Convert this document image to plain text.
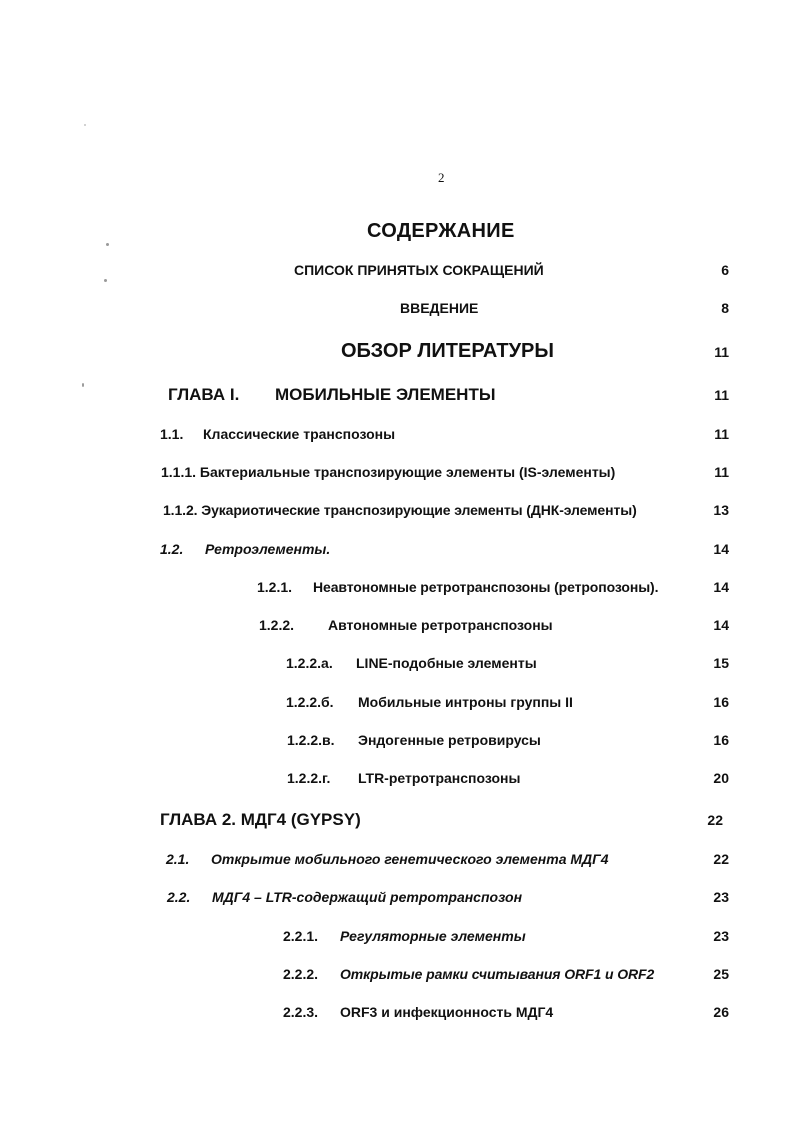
2
СОДЕРЖАНИЕ
СПИСОК ПРИНЯТЫХ СОКРАЩЕНИЙ	6
ВВЕДЕНИЕ	8
ОБЗОР ЛИТЕРАТУРЫ	11
ГЛАВА I. МОБИЛЬНЫЕ ЭЛЕМЕНТЫ	11
1.1. Классические транспозоны	11
1.1.1. Бактериальные транспозирующие элементы (IS-элементы)	11
1.1.2. Эукариотические транспозирующие элементы (ДНК-элементы)	13
1.2. Ретроэлементы.	14
1.2.1. Неавтономные ретротранспозоны (ретропозоны).	14
1.2.2. Автономные ретротранспозоны	14
1.2.2.а. LINE-подобные элементы	15
1.2.2.б. Мобильные интроны группы II	16
1.2.2.в. Эндогенные ретровирусы	16
1.2.2.г. LTR-ретротранспозоны	20
ГЛАВА 2. МДГ4 (GYPSY)	22
2.1. Открытие мобильного генетического элемента МДГ4	22
2.2. МДГ4 – LTR-содержащий ретротранспозон	23
2.2.1. Регуляторные элементы	23
2.2.2. Открытые рамки считывания ORF1 и ORF2	25
2.2.3. ORF3 и инфекционность МДГ4	26
